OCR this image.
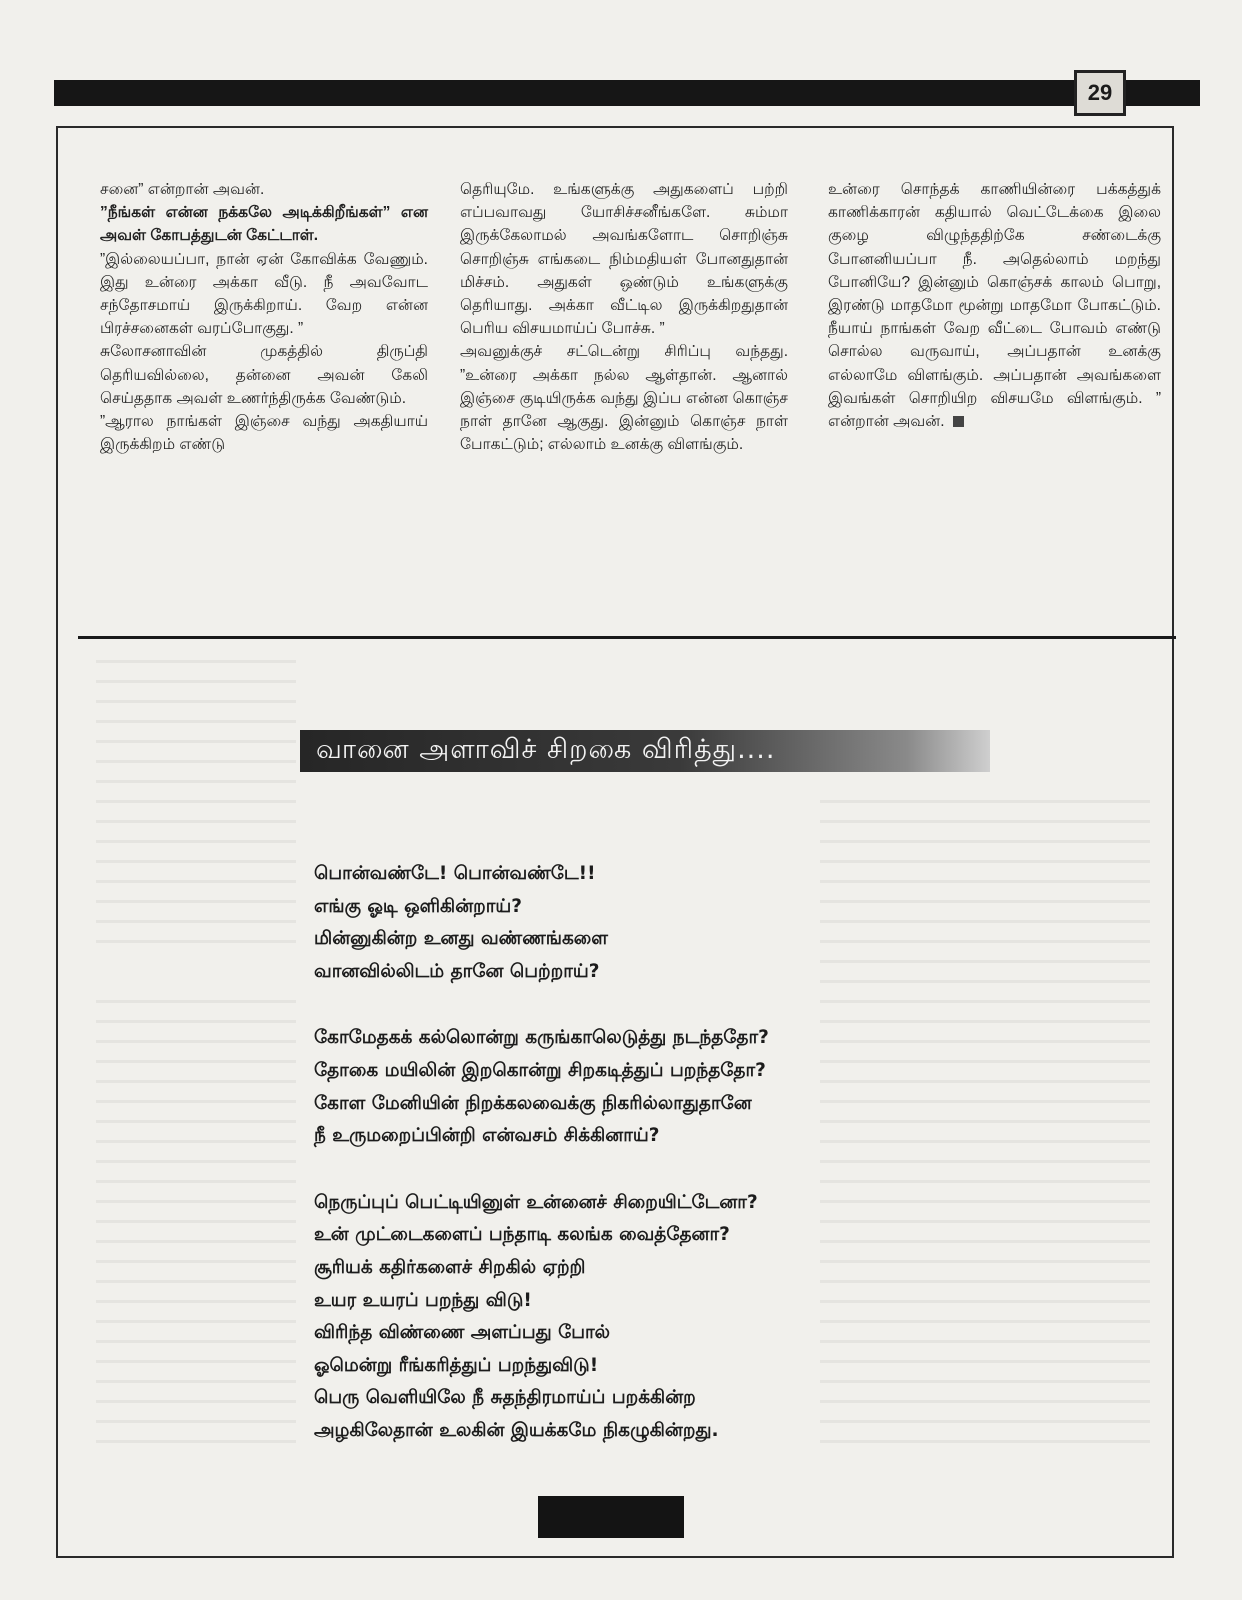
29

சனை” என்றான் அவன்.

”நீங்கள் என்ன நக்கலே அடிக்கிறீங்கள்” என அவள் கோபத்துடன் கேட்டாள்.

”இல்லையப்பா, நான் ஏன் கோவிக்க வேணும். இது உன்ரை அக்கா வீடு. நீ அவவோட சந்தோசமாய் இருக்கிறாய். வேற என்ன பிரச்சனைகள் வரப்போகுது. ”

சுலோசனாவின் முகத்தில் திருப்தி தெரியவில்லை, தன்னை அவன் கேலி செய்ததாக அவள் உணர்ந்திருக்க வேண்டும்.

”ஆரால நாங்கள் இஞ்சை வந்து அகதியாய் இருக்கிறம் எண்டு

தெரியுமே. உங்களுக்கு அதுகளைப் பற்றி எப்பவாவது யோசிச்சனீங்களே. சும்மா இருக்கேலாமல் அவங்களோட சொறிஞ்சு சொறிஞ்சு எங்கடை நிம்மதியள் போனதுதான் மிச்சம். அதுகள் ஒண்டும் உங்களுக்கு தெரியாது. அக்கா வீட்டில இருக்கிறதுதான் பெரிய விசயமாய்ப் போச்சு. ”

அவனுக்குச் சட்டென்று சிரிப்பு வந்தது. ”உன்ரை அக்கா நல்ல ஆள்தான். ஆனால் இஞ்சை குடியிருக்க வந்து இப்ப என்ன கொஞ்ச நாள் தானே ஆகுது. இன்னும் கொஞ்ச நாள் போகட்டும்; எல்லாம் உனக்கு விளங்கும்.

உன்ரை சொந்தக் காணியின்ரை பக்கத்துக் காணிக்காரன் கதியால் வெட்டேக்கை இலை குழை விழுந்ததிற்கே சண்டைக்கு போனனியப்பா நீ. அதெல்லாம் மறந்து போனியே? இன்னும் கொஞ்சக் காலம் பொறு, இரண்டு மாதமோ மூன்று மாதமோ போகட்டும். நீயாய் நாங்கள் வேற வீட்டை போவம் எண்டு சொல்ல வருவாய், அப்பதான் உனக்கு எல்லாமே விளங்கும். அப்பதான் அவங்களை இவங்கள் சொறியிற விசயமே விளங்கும். ” என்றான் அவன்.

வானை அளாவிச் சிறகை விரித்து....
பொன்வண்டே! பொன்வண்டே!!
எங்கு ஓடி ஒளிகின்றாய்?
மின்னுகின்ற உனது வண்ணங்களை
வானவில்லிடம் தானே பெற்றாய்?
கோமேதகக் கல்லொன்று கருங்காலெடுத்து நடந்ததோ?
தோகை மயிலின் இறகொன்று சிறகடித்துப் பறந்ததோ?
கோள மேனியின் நிறக்கலவைக்கு நிகரில்லாதுதானே
நீ உருமறைப்பின்றி என்வசம் சிக்கினாய்?
நெருப்புப் பெட்டியினுள் உன்னைச் சிறையிட்டேனா?
உன் முட்டைகளைப் பந்தாடி கலங்க வைத்தேனா?
சூரியக் கதிர்களைச் சிறகில் ஏற்றி
உயர உயரப் பறந்து விடு!
விரிந்த விண்ணை அளப்பது போல்
ஓமென்று ரீங்கரித்துப் பறந்துவிடு!
பெரு வெளியிலே நீ சுதந்திரமாய்ப் பறக்கின்ற
அழகிலேதான் உலகின் இயக்கமே நிகழுகின்றது.
